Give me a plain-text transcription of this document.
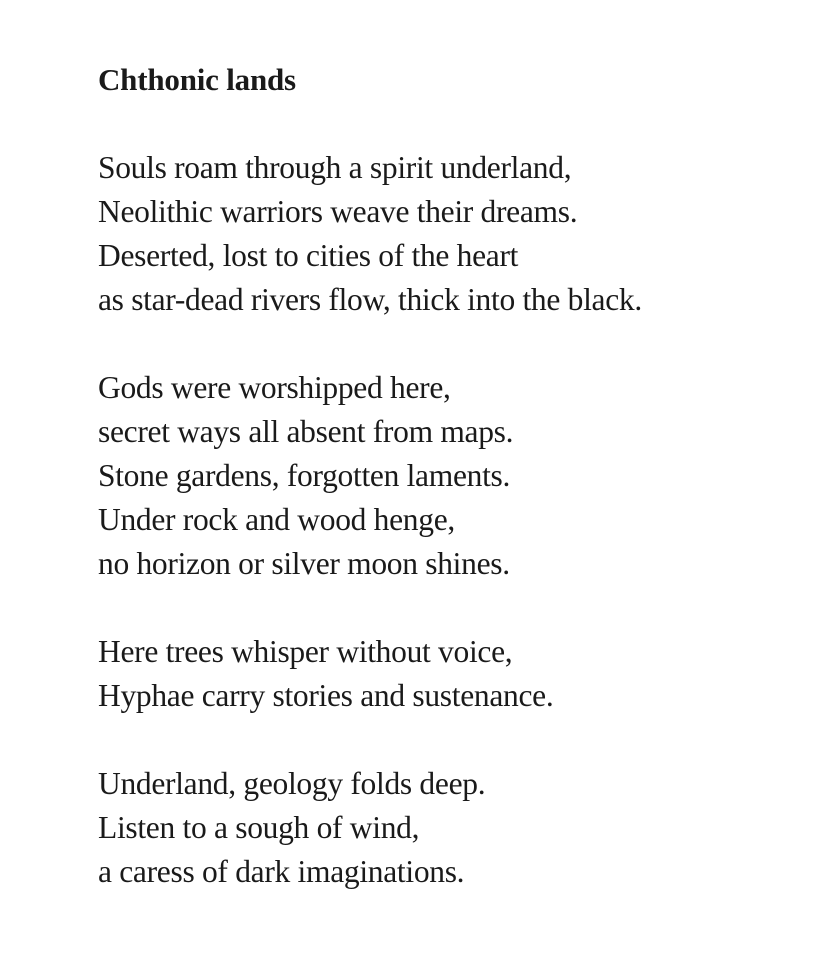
Chthonic lands
Souls roam through a spirit underland,
Neolithic warriors weave their dreams.
Deserted, lost to cities of the heart
as star-dead rivers flow, thick into the black.
Gods were worshipped here,
secret ways all absent from maps.
Stone gardens, forgotten laments.
Under rock and wood henge,
no horizon or silver moon shines.
Here trees whisper without voice,
Hyphae carry stories and sustenance.
Underland, geology folds deep.
Listen to a sough of wind,
a caress of dark imaginations.
